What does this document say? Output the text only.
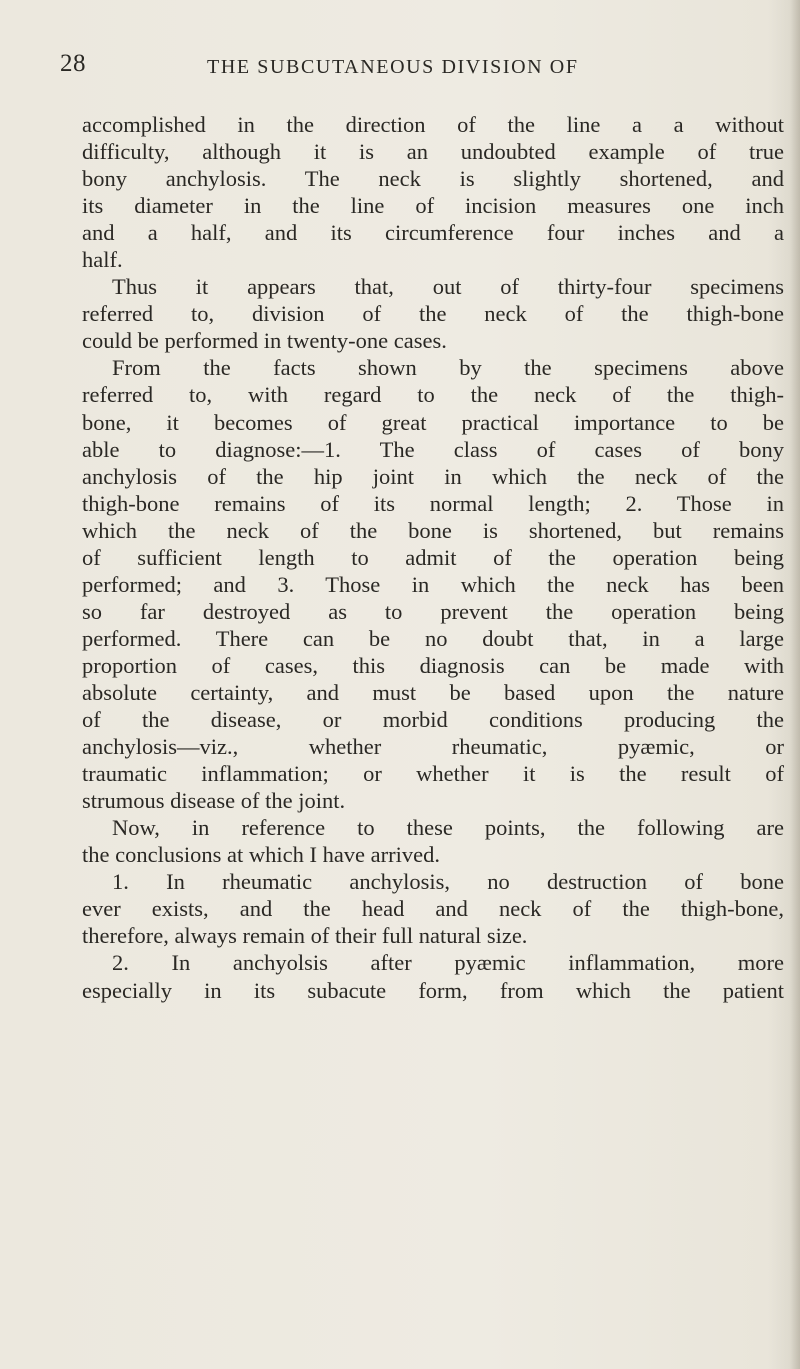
28	THE SUBCUTANEOUS DIVISION OF
accomplished in the direction of the line a a without
difficulty, although it is an undoubted example of true
bony anchylosis. The neck is slightly shortened, and
its diameter in the line of incision measures one inch
and a half, and its circumference four inches and a
half.
Thus it appears that, out of thirty-four specimens
referred to, division of the neck of the thigh-bone
could be performed in twenty-one cases.
From the facts shown by the specimens above
referred to, with regard to the neck of the thigh-
bone, it becomes of great practical importance to be
able to diagnose:—1. The class of cases of bony
anchylosis of the hip joint in which the neck of the
thigh-bone remains of its normal length; 2. Those in
which the neck of the bone is shortened, but remains
of sufficient length to admit of the operation being
performed; and 3. Those in which the neck has been
so far destroyed as to prevent the operation being
performed. There can be no doubt that, in a large
proportion of cases, this diagnosis can be made with
absolute certainty, and must be based upon the nature
of the disease, or morbid conditions producing the
anchylosis—viz., whether rheumatic, pyæmic, or
traumatic inflammation; or whether it is the result of
strumous disease of the joint.
Now, in reference to these points, the following are
the conclusions at which I have arrived.
1. In rheumatic anchylosis, no destruction of bone
ever exists, and the head and neck of the thigh-bone,
therefore, always remain of their full natural size.
2. In anchyolsis after pyæmic inflammation, more
especially in its subacute form, from which the patient
